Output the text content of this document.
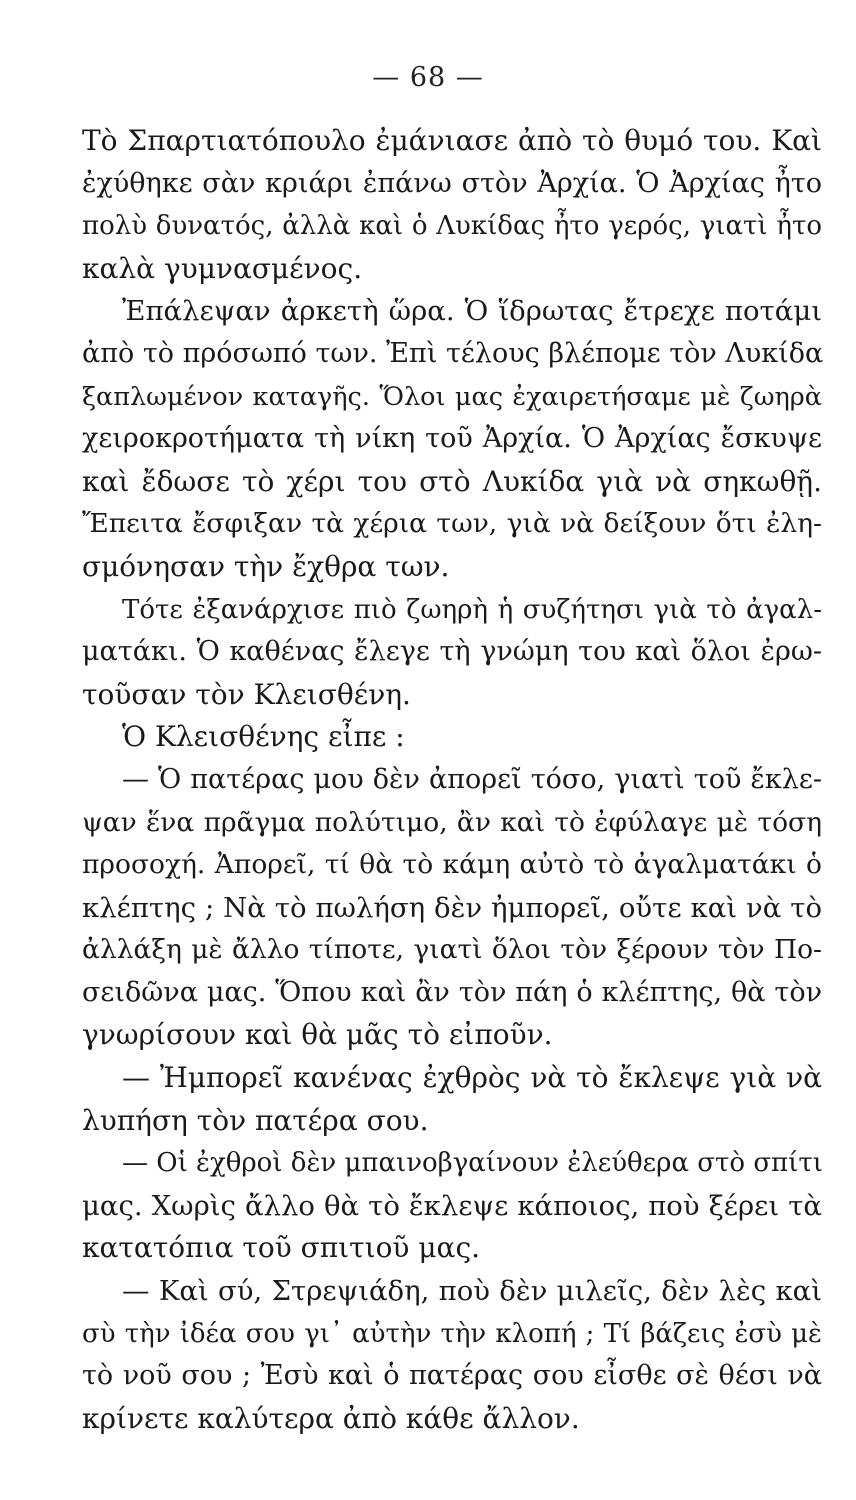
— 68 —
Τὸ Σπαρτιατόπουλο ἐμάνιασε ἀπὸ τὸ θυμό του. Καὶ
ἐχύθηκε σὰν κριάρι ἐπάνω στὸν Ἀρχία. Ὁ Ἀρχίας ἦτο
πολὺ δυνατός, ἀλλὰ καὶ ὁ Λυκίδας ἦτο γερός, γιατὶ ἦτο
καλὰ γυμνασμένος.
Ἐπάλεψαν ἀρκετὴ ὥρα. Ὁ ἵδρωτας ἔτρεχε ποτάμι
ἀπὸ τὸ πρόσωπό των. Ἐπὶ τέλους βλέπομε τὸν Λυκίδα
ξαπλωμένον καταγῆς. Ὅλοι μας ἐχαιρετήσαμε μὲ ζωηρὰ
χειροκροτήματα τὴ νίκη τοῦ Ἀρχία. Ὁ Ἀρχίας ἔσκυψε
καὶ ἔδωσε τὸ χέρι του στὸ Λυκίδα γιὰ νὰ σηκωθῇ.
Ἔπειτα ἔσφιξαν τὰ χέρια των, γιὰ νὰ δείξουν ὅτι ἐλη-
σμόνησαν τὴν ἔχθρα των.
Τότε ἐξανάρχισε πιὸ ζωηρὴ ἡ συζήτησι γιὰ τὸ ἀγαλ-
ματάκι. Ὁ καθένας ἔλεγε τὴ γνώμη του καὶ ὅλοι ἐρω-
τοῦσαν τὸν Κλεισθένη.
Ὁ Κλεισθένης εἶπε :
— Ὁ πατέρας μου δὲν ἀπορεῖ τόσο, γιατὶ τοῦ ἔκλε-
ψαν ἕνα πρᾶγμα πολύτιμο, ἂν καὶ τὸ ἐφύλαγε μὲ τόση
προσοχή. Ἀπορεῖ, τί θὰ τὸ κάμη αὐτὸ τὸ ἀγαλματάκι ὁ
κλέπτης ; Νὰ τὸ πωλήση δὲν ἠμπορεῖ, οὔτε καὶ νὰ τὸ
ἀλλάξη μὲ ἄλλο τίποτε, γιατὶ ὅλοι τὸν ξέρουν τὸν Πο-
σειδῶνα μας. Ὅπου καὶ ἂν τὸν πάη ὁ κλέπτης, θὰ τὸν
γνωρίσουν καὶ θὰ μᾶς τὸ εἰποῦν.
— Ἠμπορεῖ κανένας ἐχθρὸς νὰ τὸ ἔκλεψε γιὰ νὰ
λυπήση τὸν πατέρα σου.
— Οἱ ἐχθροὶ δὲν μπαινοβγαίνουν ἐλεύθερα στὸ σπίτι
μας. Χωρὶς ἄλλο θὰ τὸ ἔκλεψε κάποιος, ποὺ ξέρει τὰ
κατατόπια τοῦ σπιτιοῦ μας.
— Καὶ σύ, Στρεψιάδη, ποὺ δὲν μιλεῖς, δὲν λὲς καὶ
σὺ τὴν ἰδέα σου γι᾿ αὐτὴν τὴν κλοπή ; Τί βάζεις ἐσὺ μὲ
τὸ νοῦ σου ; Ἐσὺ καὶ ὁ πατέρας σου εἶσθε σὲ θέσι νὰ
κρίνετε καλύτερα ἀπὸ κάθε ἄλλον.
